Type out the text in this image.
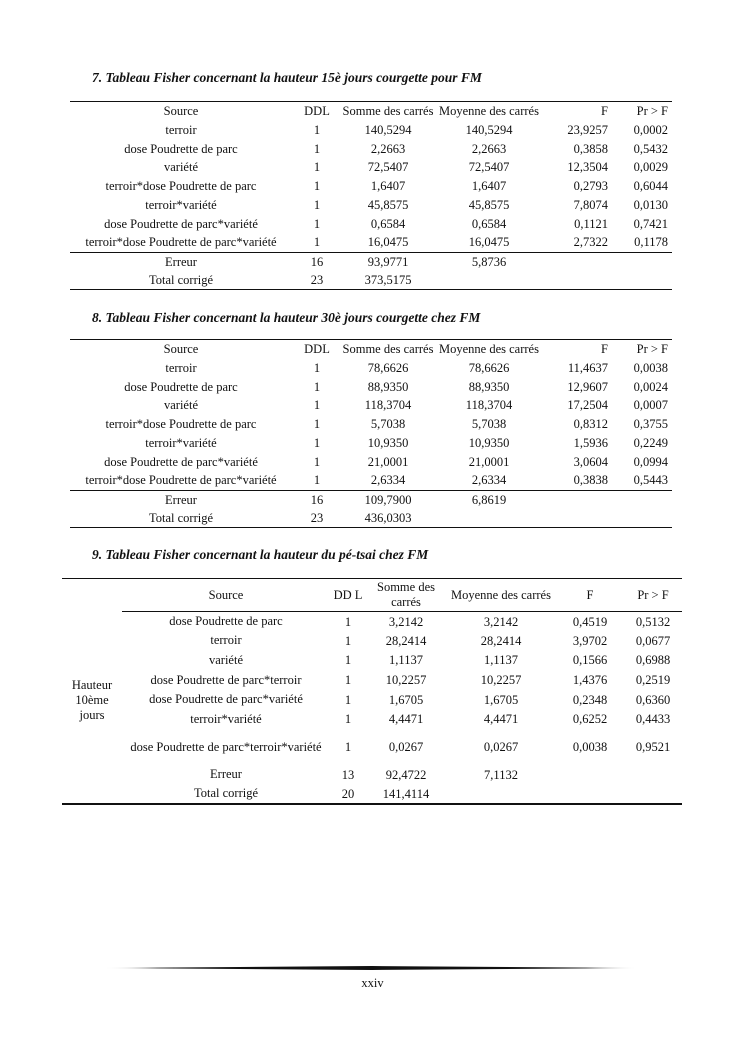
7. Tableau Fisher concernant la hauteur 15è jours courgette pour FM
Source	DDL	Somme des carrés	Moyenne des carrés	F	Pr > F
terroir	1	140,5294	140,5294	23,9257	0,0002
dose Poudrette de parc	1	2,2663	2,2663	0,3858	0,5432
variété	1	72,5407	72,5407	12,3504	0,0029
terroir*dose Poudrette de parc	1	1,6407	1,6407	0,2793	0,6044
terroir*variété	1	45,8575	45,8575	7,8074	0,0130
dose Poudrette de parc*variété	1	0,6584	0,6584	0,1121	0,7421
terroir*dose Poudrette de parc*variété	1	16,0475	16,0475	2,7322	0,1178
Erreur	16	93,9771	5,8736		
Total corrigé	23	373,5175			
8. Tableau Fisher concernant la hauteur 30è jours courgette chez FM
Source	DDL	Somme des carrés	Moyenne des carrés	F	Pr > F
terroir	1	78,6626	78,6626	11,4637	0,0038
dose Poudrette de parc	1	88,9350	88,9350	12,9607	0,0024
variété	1	118,3704	118,3704	17,2504	0,0007
terroir*dose Poudrette de parc	1	5,7038	5,7038	0,8312	0,3755
terroir*variété	1	10,9350	10,9350	1,5936	0,2249
dose Poudrette de parc*variété	1	21,0001	21,0001	3,0604	0,0994
terroir*dose Poudrette de parc*variété	1	2,6334	2,6334	0,3838	0,5443
Erreur	16	109,7900	6,8619		
Total corrigé	23	436,0303			
9. Tableau Fisher concernant la hauteur du pé-tsai chez FM
	Source	DD L	Somme des carrés	Moyenne des carrés	F	Pr > F
Hauteur 10ème jours	dose Poudrette de parc	1	3,2142	3,2142	0,4519	0,5132
	terroir	1	28,2414	28,2414	3,9702	0,0677
	variété	1	1,1137	1,1137	0,1566	0,6988
	dose Poudrette de parc*terroir	1	10,2257	10,2257	1,4376	0,2519
	dose Poudrette de parc*variété	1	1,6705	1,6705	0,2348	0,6360
	terroir*variété	1	4,4471	4,4471	0,6252	0,4433
	dose Poudrette de parc*terroir*variété	1	0,0267	0,0267	0,0038	0,9521
	Erreur	13	92,4722	7,1132		
	Total corrigé	20	141,4114			
xxiv
